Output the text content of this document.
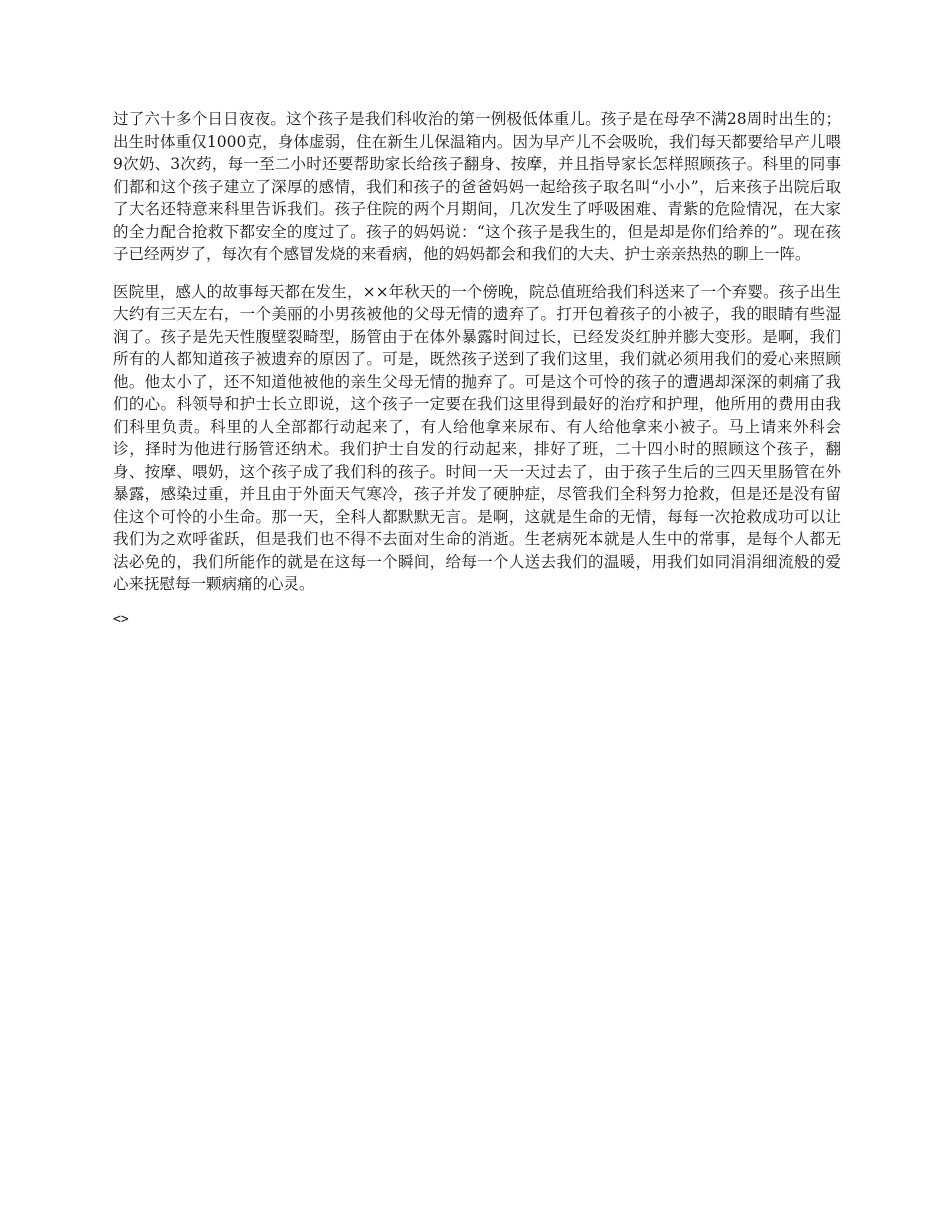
过了六十多个日日夜夜。这个孩子是我们科收治的第一例极低体重儿。孩子是在母孕不满28周时出生的；出生时体重仅1000克，身体虚弱，住在新生儿保温箱内。因为早产儿不会吸吮，我们每天都要给早产儿喂9次奶、3次药，每一至二小时还要帮助家长给孩子翻身、按摩，并且指导家长怎样照顾孩子。科里的同事们都和这个孩子建立了深厚的感情，我们和孩子的爸爸妈妈一起给孩子取名叫“小小”，后来孩子出院后取了大名还特意来科里告诉我们。孩子住院的两个月期间，几次发生了呼吸困难、青紫的危险情况，在大家的全力配合抢救下都安全的度过了。孩子的妈妈说：“这个孩子是我生的，但是却是你们给养的”。现在孩子已经两岁了，每次有个感冒发烧的来看病，他的妈妈都会和我们的大夫、护士亲亲热热的聊上一阵。

医院里，感人的故事每天都在发生，××年秋天的一个傍晚，院总值班给我们科送来了一个弃婴。孩子出生大约有三天左右，一个美丽的小男孩被他的父母无情的遗弃了。打开包着孩子的小被子，我的眼睛有些湿润了。孩子是先天性腹壁裂畸型，肠管由于在体外暴露时间过长，已经发炎红肿并膨大变形。是啊，我们所有的人都知道孩子被遗弃的原因了。可是，既然孩子送到了我们这里，我们就必须用我们的爱心来照顾他。他太小了，还不知道他被他的亲生父母无情的抛弃了。可是这个可怜的孩子的遭遇却深深的刺痛了我们的心。科领导和护士长立即说，这个孩子一定要在我们这里得到最好的治疗和护理，他所用的费用由我们科里负责。科里的人全部都行动起来了，有人给他拿来尿布、有人给他拿来小被子。马上请来外科会诊，择时为他进行肠管还纳术。我们护士自发的行动起来，排好了班，二十四小时的照顾这个孩子，翻身、按摩、喂奶，这个孩子成了我们科的孩子。时间一天一天过去了，由于孩子生后的三四天里肠管在外暴露，感染过重，并且由于外面天气寒冷，孩子并发了硬肿症，尽管我们全科努力抢救，但是还是没有留住这个可怜的小生命。那一天，全科人都默默无言。是啊，这就是生命的无情，每每一次抢救成功可以让我们为之欢呼雀跃，但是我们也不得不去面对生命的消逝。生老病死本就是人生中的常事，是每个人都无法必免的，我们所能作的就是在这每一个瞬间，给每一个人送去我们的温暖，用我们如同涓涓细流般的爱心来抚慰每一颗病痛的心灵。

<>
